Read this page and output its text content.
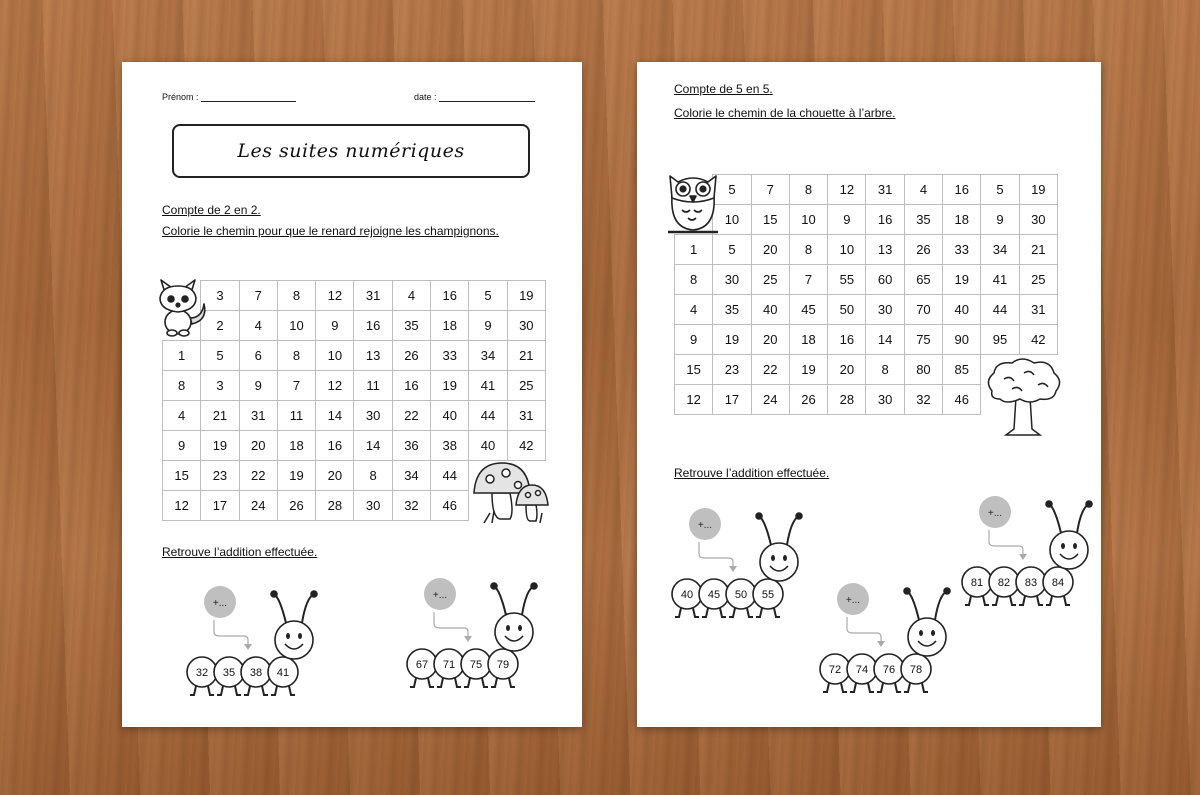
Prénom :	date :
Les suites numériques
Compte de 2 en 2.
Colorie le chemin pour que le renard rejoigne les champignons.
	3	7	8	12	31	4	16	5	19
	2	4	10	9	16	35	18	9	30
1	5	6	8	10	13	26	33	34	21
8	3	9	7	12	11	16	19	41	25
4	21	31	11	14	30	22	40	44	31
9	19	20	18	16	14	36	38	40	42
15	23	22	19	20	8	34	44		
12	17	24	26	28	30	32	46		
Retrouve l’addition effectuée.
+...
32 35 38 41
+...
67 71 75 79
Compte de 5 en 5.
Colorie le chemin de la chouette à l’arbre.
	5	7	8	12	31	4	16	5	19
	10	15	10	9	16	35	18	9	30
1	5	20	8	10	13	26	33	34	21
8	30	25	7	55	60	65	19	41	25
4	35	40	45	50	30	70	40	44	31
9	19	20	18	16	14	75	90	95	42
15	23	22	19	20	8	80	85		
12	17	24	26	28	30	32	46		
Retrouve l’addition effectuée.
+...
40 45 50 55	+...
72 74 76 78
+...
81 82 83 84
